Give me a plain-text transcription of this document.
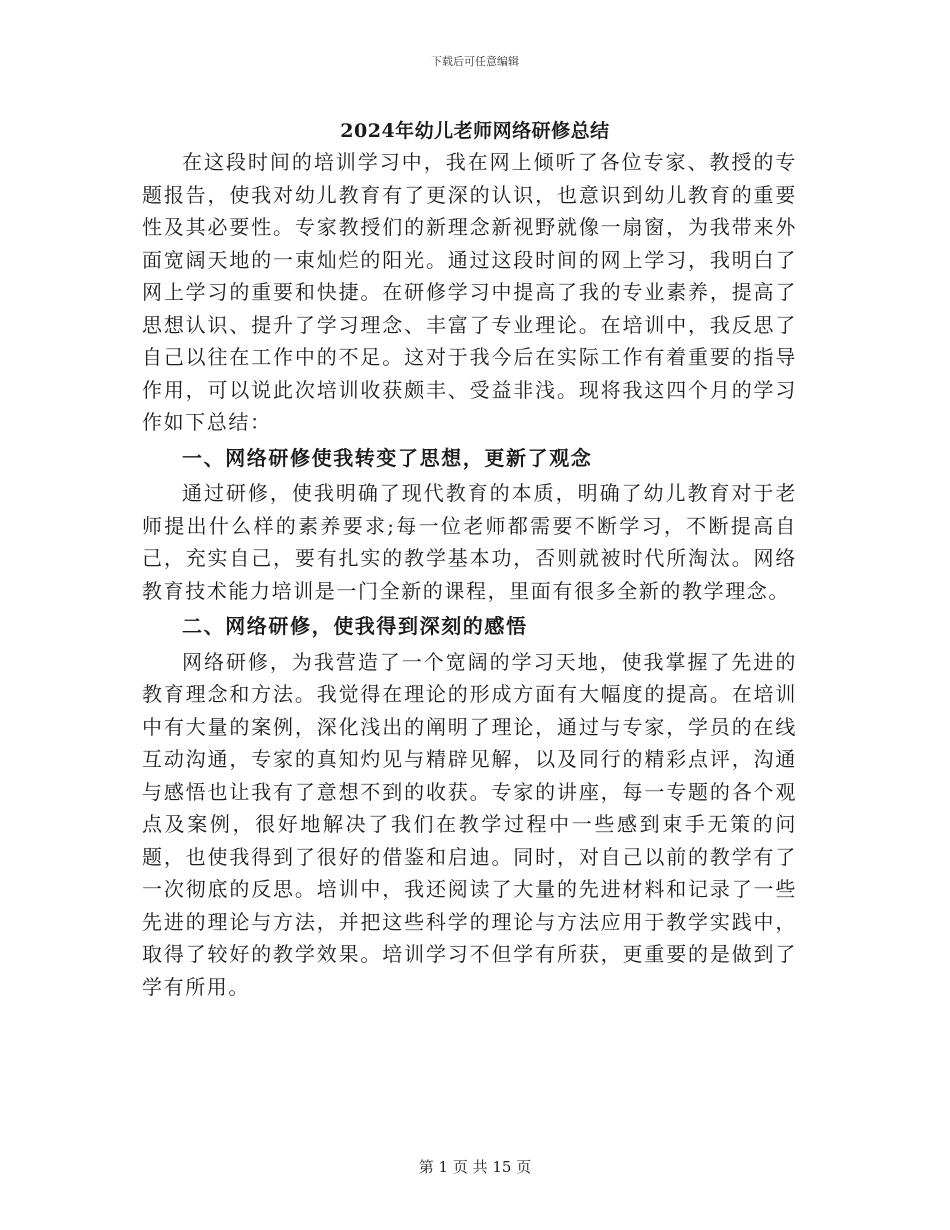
下载后可任意编辑
2024年幼儿老师网络研修总结

在这段时间的培训学习中，我在网上倾听了各位专家、教授的专题报告，使我对幼儿教育有了更深的认识，也意识到幼儿教育的重要性及其必要性。专家教授们的新理念新视野就像一扇窗，为我带来外面宽阔天地的一束灿烂的阳光。通过这段时间的网上学习，我明白了网上学习的重要和快捷。在研修学习中提高了我的专业素养，提高了思想认识、提升了学习理念、丰富了专业理论。在培训中，我反思了自己以往在工作中的不足。这对于我今后在实际工作有着重要的指导作用，可以说此次培训收获颇丰、受益非浅。现将我这四个月的学习作如下总结：

一、网络研修使我转变了思想，更新了观念

通过研修，使我明确了现代教育的本质，明确了幼儿教育对于老师提出什么样的素养要求;每一位老师都需要不断学习，不断提高自己，充实自己，要有扎实的教学基本功，否则就被时代所淘汰。网络教育技术能力培训是一门全新的课程，里面有很多全新的教学理念。

二、网络研修，使我得到深刻的感悟

网络研修，为我营造了一个宽阔的学习天地，使我掌握了先进的教育理念和方法。我觉得在理论的形成方面有大幅度的提高。在培训中有大量的案例，深化浅出的阐明了理论，通过与专家，学员的在线互动沟通，专家的真知灼见与精辟见解，以及同行的精彩点评，沟通与感悟也让我有了意想不到的收获。专家的讲座，每一专题的各个观点及案例，很好地解决了我们在教学过程中一些感到束手无策的问题，也使我得到了很好的借鉴和启迪。同时，对自己以前的教学有了一次彻底的反思。培训中，我还阅读了大量的先进材料和记录了一些先进的理论与方法，并把这些科学的理论与方法应用于教学实践中，取得了较好的教学效果。培训学习不但学有所获，更重要的是做到了学有所用。

第 1 页 共 15 页
